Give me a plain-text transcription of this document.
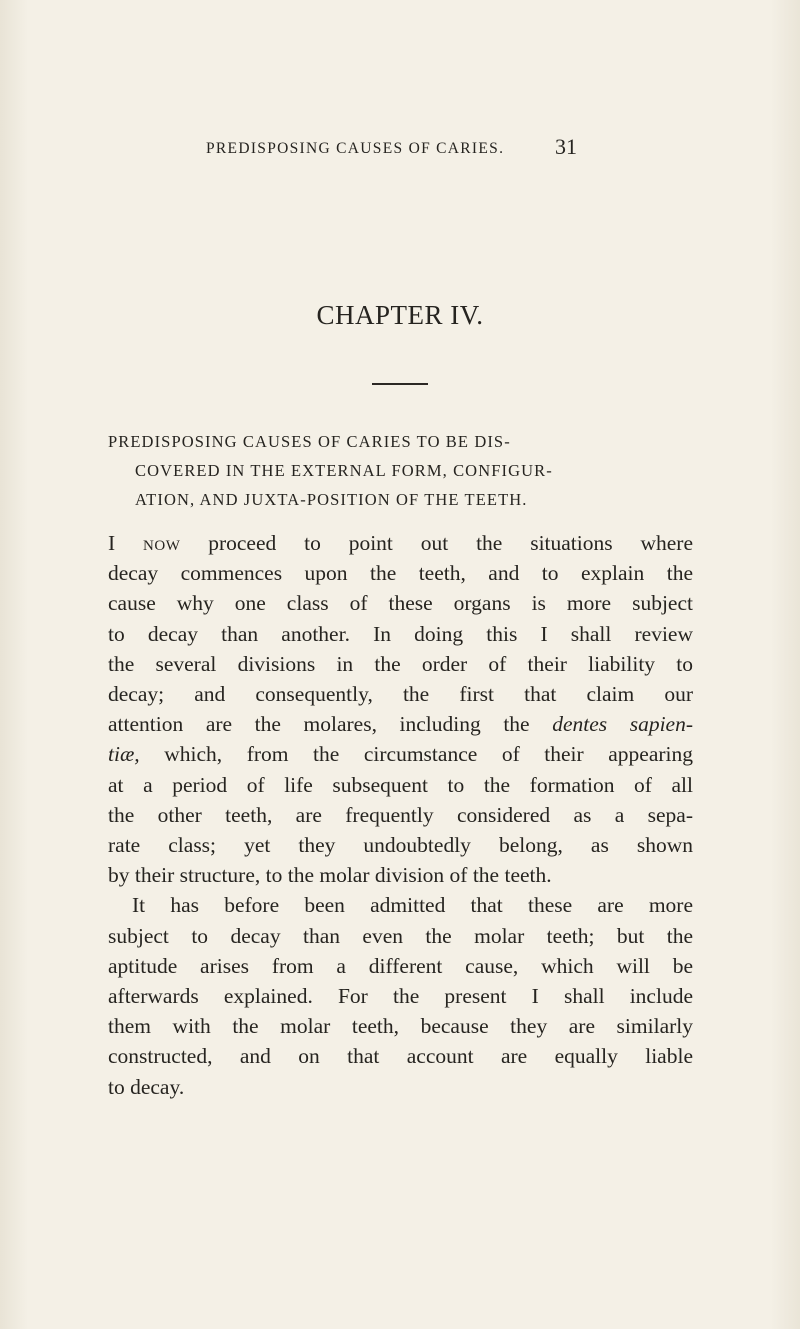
PREDISPOSING CAUSES OF CARIES. 31
CHAPTER IV.
PREDISPOSING CAUSES OF CARIES TO BE DIS-
COVERED IN THE EXTERNAL FORM, CONFIGUR-
ATION, AND JUXTA-POSITION OF THE TEETH.
I now proceed to point out the situations where
decay commences upon the teeth, and to explain the
cause why one class of these organs is more subject
to decay than another. In doing this I shall review
the several divisions in the order of their liability to
decay; and consequently, the first that claim our
attention are the molares, including the dentes sapien-
tiæ, which, from the circumstance of their appearing
at a period of life subsequent to the formation of all
the other teeth, are frequently considered as a sepa-
rate class; yet they undoubtedly belong, as shown
by their structure, to the molar division of the teeth.
It has before been admitted that these are more
subject to decay than even the molar teeth; but the
aptitude arises from a different cause, which will be
afterwards explained. For the present I shall include
them with the molar teeth, because they are similarly
constructed, and on that account are equally liable
to decay.
